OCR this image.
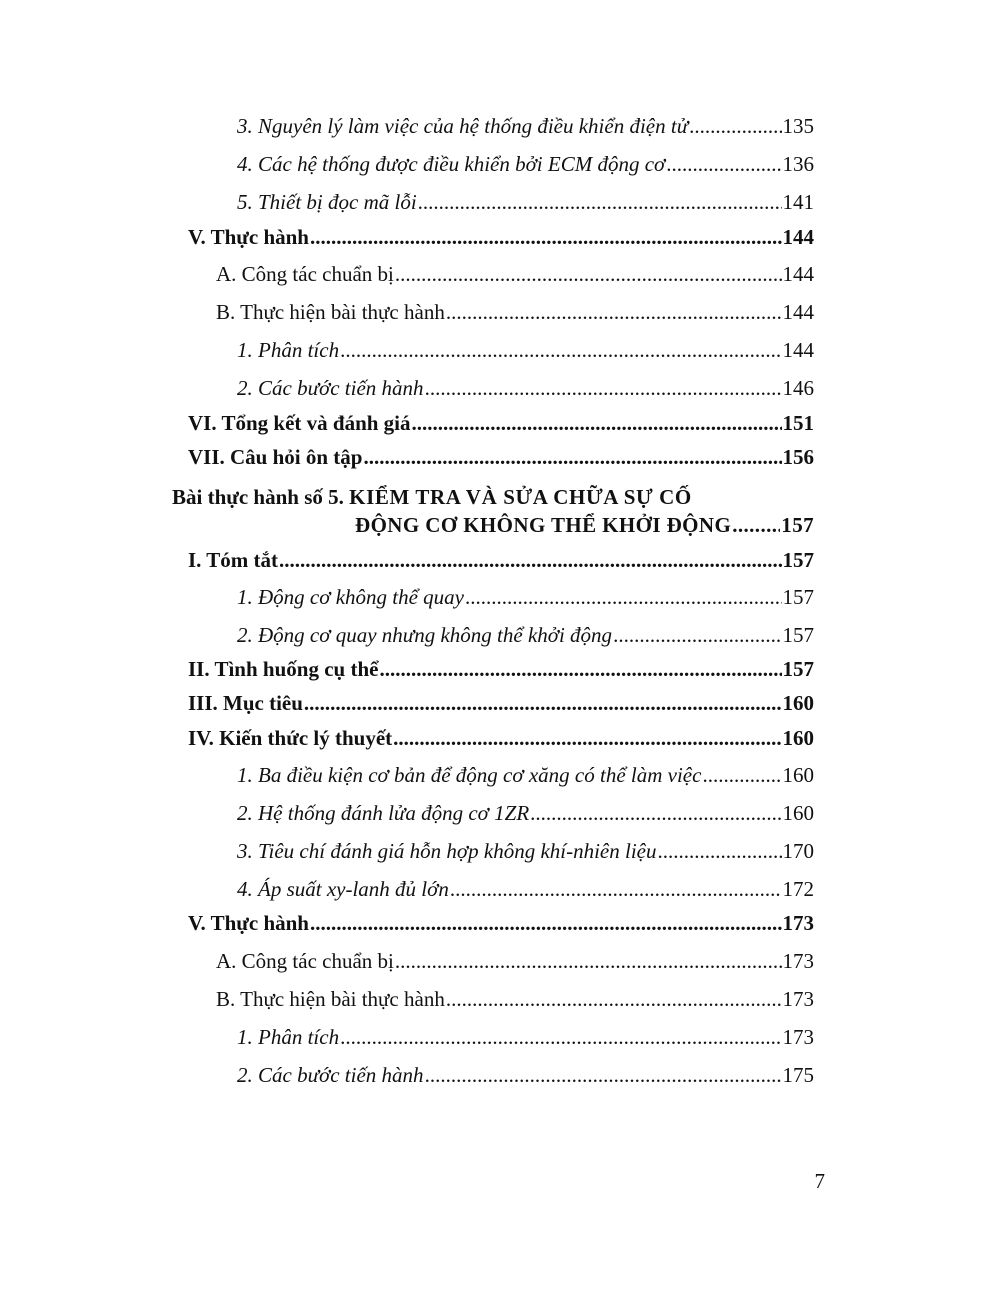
3. Nguyên lý làm việc của hệ thống điều khiển điện tử .....	135
4. Các hệ thống được điều khiển bởi ECM động cơ .....	136
5. Thiết bị đọc mã lỗi .....	141
V. Thực hành .....	144
A. Công tác chuẩn bị .....	144
B. Thực hiện bài thực hành .....	144
1. Phân tích .....	144
2. Các bước tiến hành .....	146
VI. Tổng kết và đánh giá .....	151
VII. Câu hỏi ôn tập .....	156
Bài thực hành số 5. KIỂM TRA VÀ SỬA CHỮA SỰ CỐ
ĐỘNG CƠ KHÔNG THỂ KHỞI ĐỘNG ..... 157
I. Tóm tắt .....	157
1. Động cơ không thể quay .....	157
2. Động cơ quay nhưng không thể khởi động .....	157
II. Tình huống cụ thể .....	157
III. Mục tiêu .....	160
IV. Kiến thức lý thuyết .....	160
1. Ba điều kiện cơ bản để động cơ xăng có thể làm việc .....	160
2. Hệ thống đánh lửa động cơ 1ZR .....	160
3. Tiêu chí đánh giá hỗn hợp không khí-nhiên liệu .....	170
4. Áp suất xy-lanh đủ lớn .....	172
V. Thực hành .....	173
A. Công tác chuẩn bị .....	173
B. Thực hiện bài thực hành .....	173
1. Phân tích .....	173
2. Các bước tiến hành .....	175
7
